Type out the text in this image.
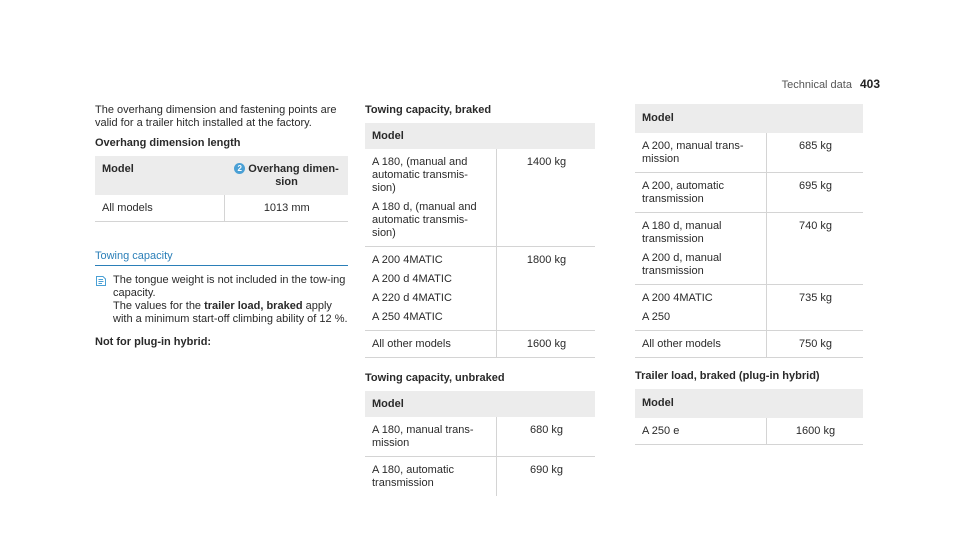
Technical data 403

The overhang dimension and fastening points are valid for a trailer hitch installed at the factory.

Overhang dimension length

Model	2 Overhang dimen-sion
All models	1013 mm

Towing capacity

The tongue weight is not included in the tow-ing capacity.

The values for the trailer load, braked apply with a minimum start-off climbing ability of 12 %.

Not for plug-in hybrid:

Towing capacity, braked

Model	

A 180, (manual and automatic transmis-sion)
A 180 d, (manual and automatic transmis-sion)	1400 kg

A 200 4MATIC
A 200 d 4MATIC
A 220 d 4MATIC
A 250 4MATIC	1800 kg

All other models	1600 kg

Towing capacity, unbraked

Model	

A 180, manual trans-mission	680 kg

A 180, automatic transmission	690 kg
Model	

A 200, manual trans-mission	685 kg

A 200, automatic transmission	695 kg

A 180 d, manual transmission
A 200 d, manual transmission	740 kg

A 200 4MATIC
A 250	735 kg

All other models	750 kg

Trailer load, braked (plug-in hybrid)

Model

A 250 e	1600 kg
